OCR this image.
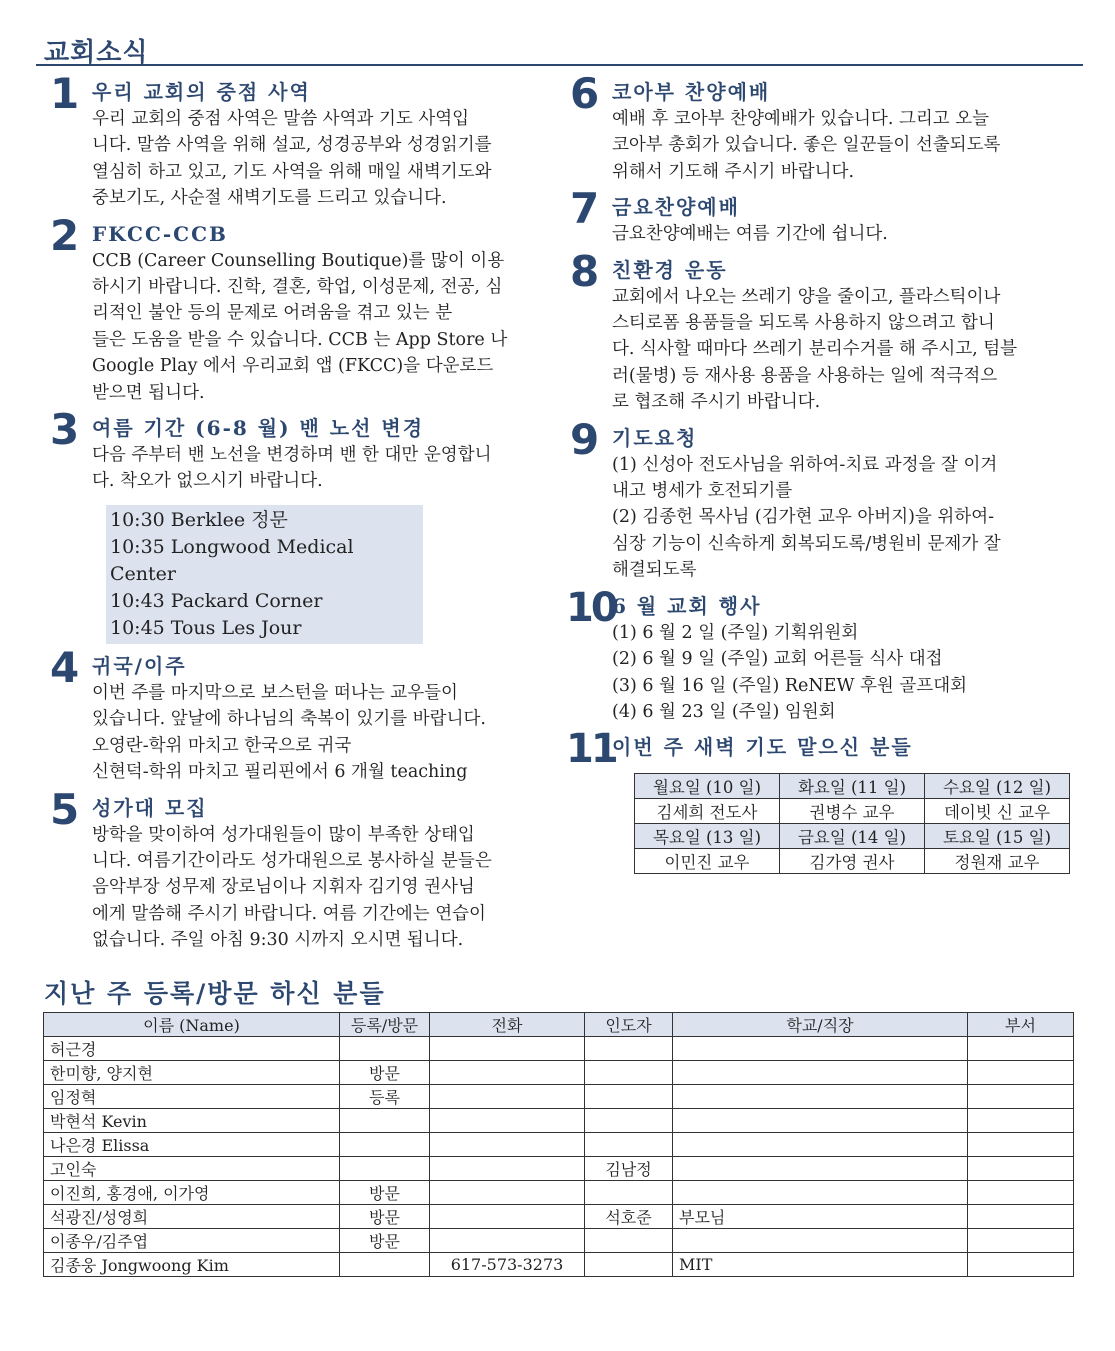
교회소식
1 우리 교회의 중점 사역
우리 교회의 중점 사역은 말씀 사역과 기도 사역입
니다. 말씀 사역을 위해 설교, 성경공부와 성경읽기를
열심히 하고 있고, 기도 사역을 위해 매일 새벽기도와
중보기도, 사순절 새벽기도를 드리고 있습니다.
2 FKCC-CCB
CCB (Career Counselling Boutique)를 많이 이용
하시기 바랍니다. 진학, 결혼, 학업, 이성문제, 전공, 심
리적인 불안 등의 문제로 어려움을 겪고 있는 분
들은 도움을 받을 수 있습니다. CCB 는 App Store 나
Google Play 에서 우리교회 앱 (FKCC)을 다운로드
받으면 됩니다.
3 여름 기간 (6-8 월) 밴 노선 변경
다음 주부터 밴 노선을 변경하며 밴 한 대만 운영합니
다. 착오가 없으시기 바랍니다.
10:30 Berklee 정문
10:35 Longwood Medical Center
10:43 Packard Corner
10:45 Tous Les Jour
4 귀국/이주
이번 주를 마지막으로 보스턴을 떠나는 교우들이
있습니다. 앞날에 하나님의 축복이 있기를 바랍니다.
오영란-학위 마치고 한국으로 귀국
신현덕-학위 마치고 필리핀에서 6 개월 teaching
5 성가대 모집
방학을 맞이하여 성가대원들이 많이 부족한 상태입
니다. 여름기간이라도 성가대원으로 봉사하실 분들은
음악부장 성무제 장로님이나 지휘자 김기영 권사님
에게 말씀해 주시기 바랍니다. 여름 기간에는 연습이
없습니다. 주일 아침 9:30 시까지 오시면 됩니다.
6 코아부 찬양예배
예배 후 코아부 찬양예배가 있습니다. 그리고 오늘
코아부 총회가 있습니다. 좋은 일꾼들이 선출되도록
위해서 기도해 주시기 바랍니다.
7 금요찬양예배
금요찬양예배는 여름 기간에 쉽니다.
8 친환경 운동
교회에서 나오는 쓰레기 양을 줄이고, 플라스틱이나
스티로폼 용품들을 되도록 사용하지 않으려고 합니
다. 식사할 때마다 쓰레기 분리수거를 해 주시고, 텀블
러(물병) 등 재사용 용품을 사용하는 일에 적극적으
로 협조해 주시기 바랍니다.
9 기도요청
(1) 신성아 전도사님을 위하여-치료 과정을 잘 이겨
내고 병세가 호전되기를
(2) 김종헌 목사님 (김가현 교우 아버지)을 위하여-
심장 기능이 신속하게 회복되도록/병원비 문제가 잘
해결되도록
10
6 월 교회 행사
(1) 6 월 2 일 (주일) 기획위원회
(2) 6 월 9 일 (주일) 교회 어른들 식사 대접
(3) 6 월 16 일 (주일) ReNEW 후원 골프대회
(4) 6 월 23 일 (주일) 임원회
11
이번 주 새벽 기도 맡으신 분들
월요일 (10 일)	화요일 (11 일)	수요일 (12 일)
김세희 전도사	권병수 교우	데이빗 신 교우
목요일 (13 일)	금요일 (14 일)	토요일 (15 일)
이민진 교우	김가영 권사	정원재 교우
지난 주 등록/방문 하신 분들
이름 (Name)	등록/방문	전화	인도자	학교/직장	부서
허근경					
한미향, 양지현	방문				
임정혁	등록				
박현석 Kevin					
나은경 Elissa					
고인숙			김남정		
이진희, 홍경애, 이가영	방문				
석광진/성영희	방문		석호준	부모님	
이종우/김주엽	방문				
김종웅 Jongwoong Kim		617-573-3273		MIT	
